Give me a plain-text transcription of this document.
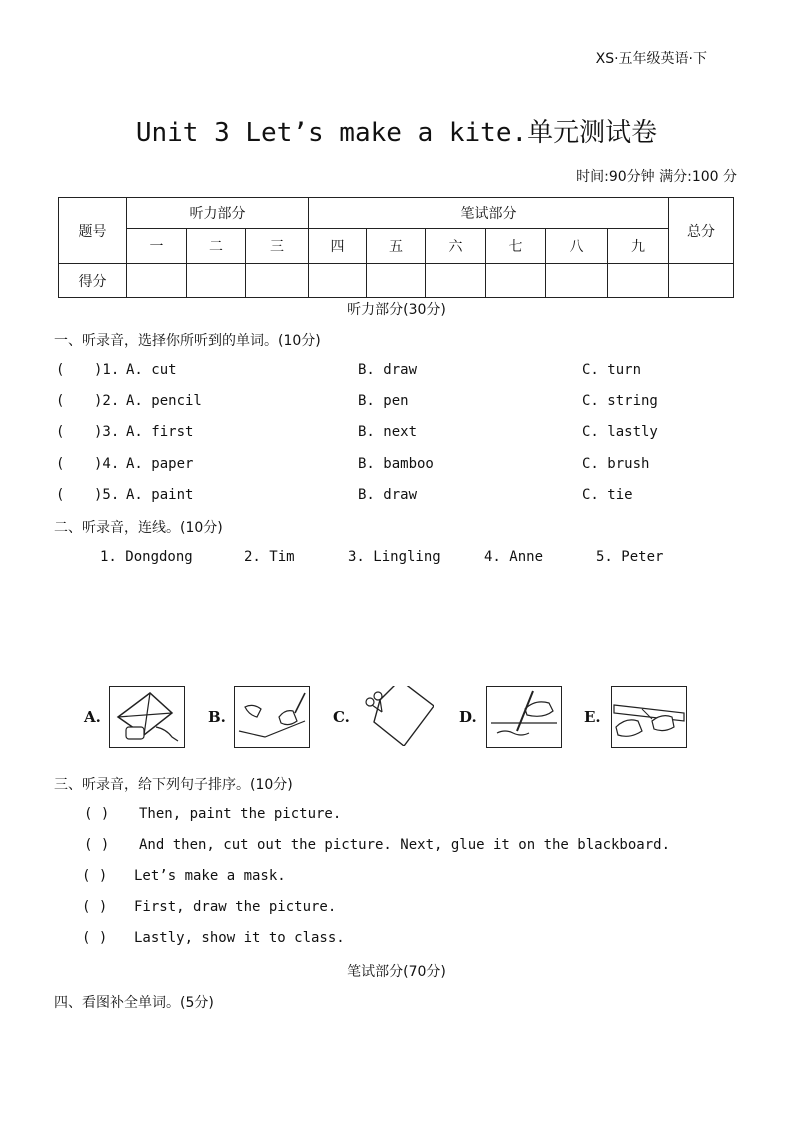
XS·五年级英语·下
Unit 3 Let’s make a kite.单元测试卷
时间:90分钟 满分:100 分
题号	听力部分			笔试部分						总分
	一	二	三	四	五	六	七	八	九	
得分										
听力部分(30分)
一、听录音，选择你所听到的单词。(10分)
( )1. A. cut	B. draw	C. turn
( )2. A. pencil	B. pen	C. string
( )3. A. first	B. next	C. lastly
( )4. A. paper	B. bamboo	C. brush
( )5. A. paint	B. draw	C. tie
二、听录音，连线。(10分)
1. Dongdong	2. Tim	3. Lingling	4. Anne	5. Peter
A.	B.	C.	D.	E.
三、听录音，给下列句子排序。(10分)
( ) Then, paint the picture.
( ) And then, cut out the picture. Next, glue it on the blackboard.
( ) Let’s make a mask.
( ) First, draw the picture.
( ) Lastly, show it to class.
笔试部分(70分)
四、看图补全单词。(5分)
